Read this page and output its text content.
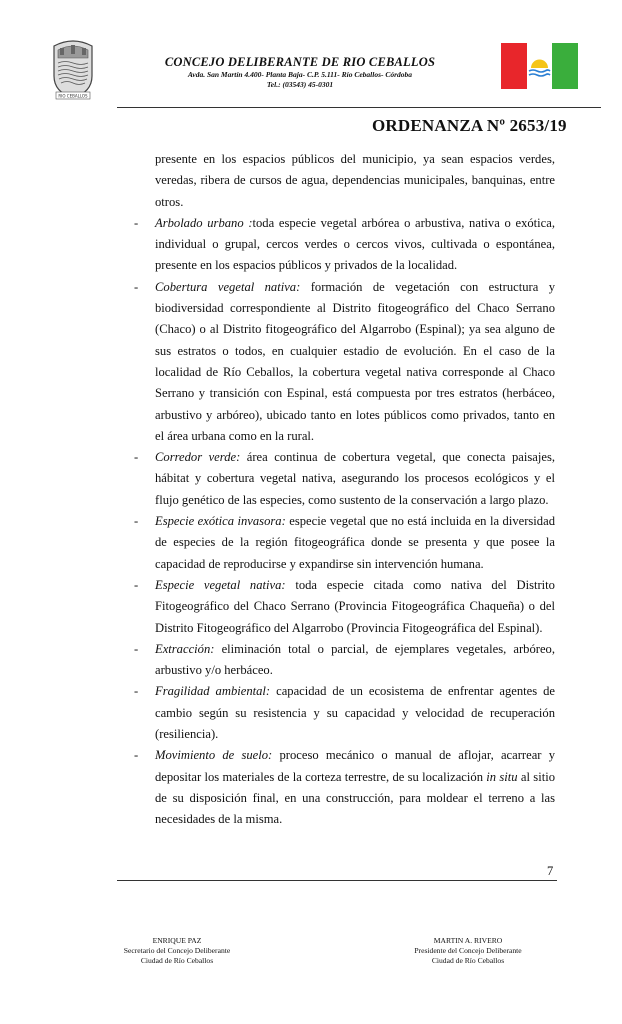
RIO CEBALLOS
CONCEJO DELIBERANTE DE RIO CEBALLOS
Avda. San Martín 4.400- Planta Baja- C.P. 5.111- Río Ceballos- Córdoba
Tel.: (03543) 45-0301
ORDENANZA Nº 2653/19

presente en los espacios públicos del municipio, ya sean espacios verdes, veredas, ribera de cursos de agua, dependencias municipales, banquinas, entre otros.

- Arbolado urbano :toda especie vegetal arbórea o arbustiva, nativa o exótica, individual o grupal, cercos verdes o cercos vivos, cultivada o espontánea, presente en los espacios públicos y privados de la localidad.

- Cobertura vegetal nativa: formación de vegetación con estructura y biodiversidad correspondiente al Distrito fitogeográfico del Chaco Serrano (Chaco) o al Distrito fitogeográfico del Algarrobo (Espinal); ya sea alguno de sus estratos o todos, en cualquier estadio de evolución. En el caso de la localidad de Río Ceballos, la cobertura vegetal nativa corresponde al Chaco Serrano y transición con Espinal, está compuesta por tres estratos (herbáceo, arbustivo y arbóreo), ubicado tanto en lotes públicos como privados, tanto en el área urbana como en la rural.

- Corredor verde: área continua de cobertura vegetal, que conecta paisajes, hábitat y cobertura vegetal nativa, asegurando los procesos ecológicos y el flujo genético de las especies, como sustento de la conservación a largo plazo.

- Especie exótica invasora: especie vegetal que no está incluida en la diversidad de especies de la región fitogeográfica donde se presenta y que posee la capacidad de reproducirse y expandirse sin intervención humana.

- Especie vegetal nativa: toda especie citada como nativa del Distrito Fitogeográfico del Chaco Serrano (Provincia Fitogeográfica Chaqueña) o del Distrito Fitogeográfico del Algarrobo (Provincia Fitogeográfica del Espinal).

- Extracción: eliminación total o parcial, de ejemplares vegetales, arbóreo, arbustivo y/o herbáceo.

- Fragilidad ambiental: capacidad de un ecosistema de enfrentar agentes de cambio según su resistencia y su capacidad y velocidad de recuperación (resiliencia).

- Movimiento de suelo: proceso mecánico o manual de aflojar, acarrear y depositar los materiales de la corteza terrestre, de su localización in situ al sitio de su disposición final, en una construcción, para moldear el terreno a las necesidades de la misma.

7
ENRIQUE PAZ
Secretario del Concejo Deliberante
Ciudad de Río Ceballos
MARTIN A. RIVERO
Presidente del Concejo Deliberante
Ciudad de Río Ceballos
